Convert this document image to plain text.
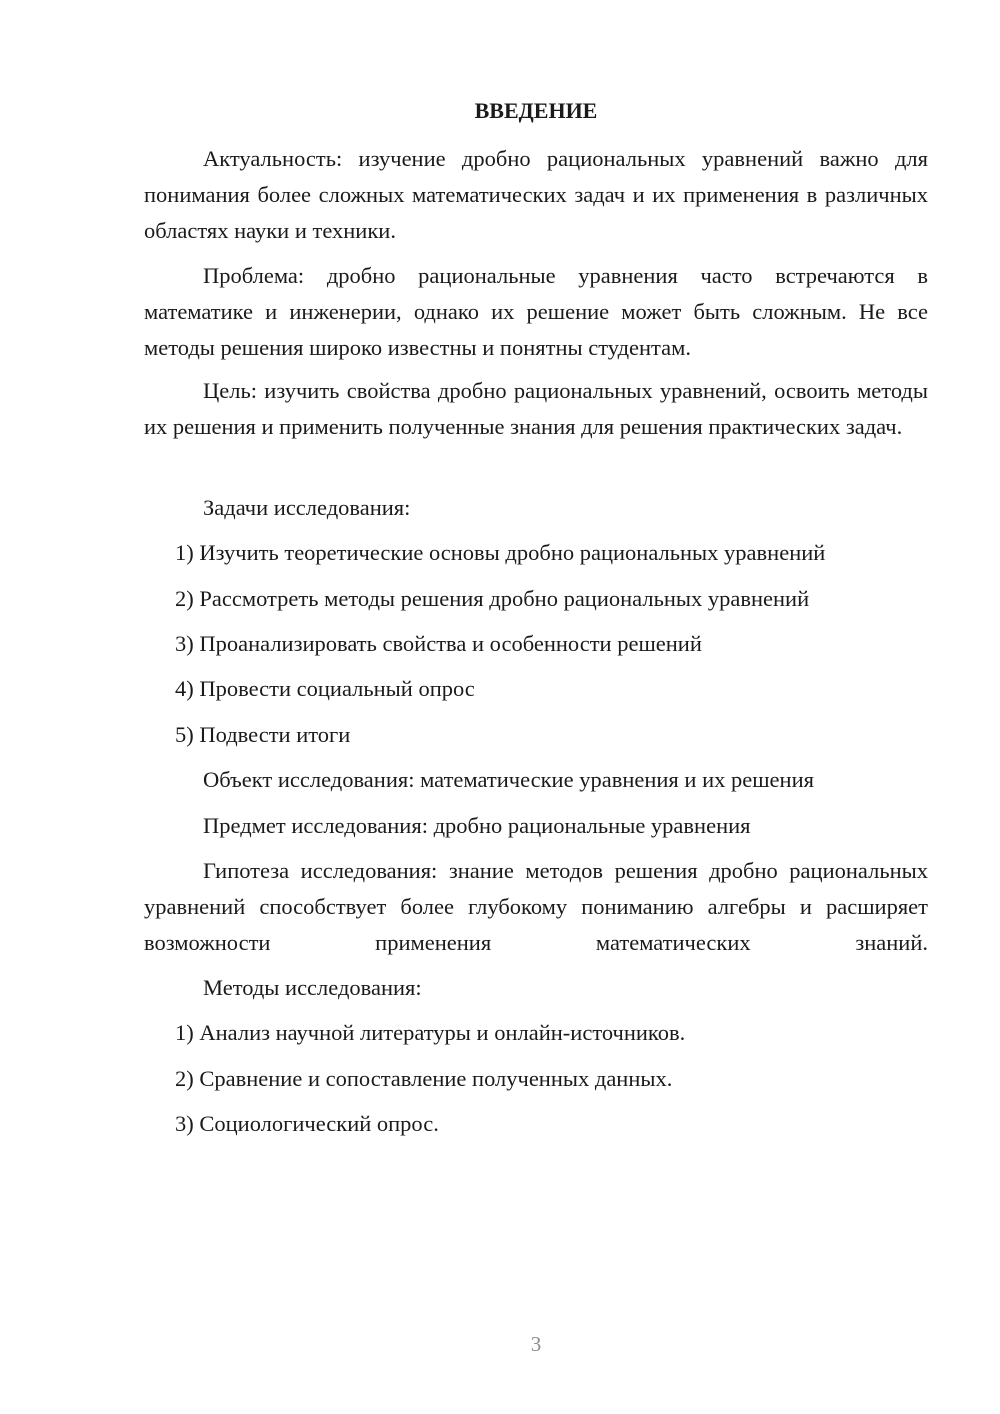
ВВЕДЕНИЕ

Актуальность: изучение дробно рациональных уравнений важно для понимания более сложных математических задач и их применения в различных областях науки и техники.

Проблема: дробно рациональные уравнения часто встречаются в математике и инженерии, однако их решение может быть сложным. Не все методы решения широко известны и понятны студентам.

Цель: изучить свойства дробно рациональных уравнений, освоить методы их решения и применить полученные знания для решения практических задач.

Задачи исследования:

1) Изучить теоретические основы дробно рациональных уравнений

2) Рассмотреть методы решения дробно рациональных уравнений

3) Проанализировать свойства и особенности решений

4) Провести социальный опрос

5) Подвести итоги

Объект исследования: математические уравнения и их решения

Предмет исследования: дробно рациональные уравнения

Гипотеза исследования: знание методов решения дробно рациональных уравнений способствует более глубокому пониманию алгебры и расширяет возможности применения математических знаний.

Методы исследования:

1) Анализ научной литературы и онлайн-источников.

2) Сравнение и сопоставление полученных данных.

3) Социологический опрос.

3
